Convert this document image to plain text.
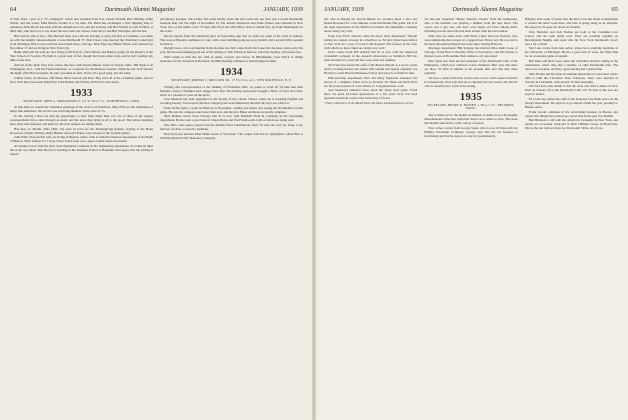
64	Dartmouth Alumni Magazine	JANUARY, 1939

in New York a part of a "37 contingent" which also included Paul Fox, Deeds Fernald, Bob Whiting, Whig Weber, and the writer. Miss Baird's brother is a '41 man. Mr. Buell has exchanged a first shipping ship to Arkansas. Dick Morris has been with the Ambitious Corn, and the Swinney and Bob Wilson as well as Huck. A third ring, who had a lot to say about the new team, the classes from Jerry's and Bill Van Dyke, arrived late.

Bill Carroll, who is also a fine Harvard man, was a bit late arriving. A wing, the first at Columbia, was taken up with the lengthy announcements of one Dartmouth '37, Bob Foster, who married the charming Cornell girl from Michigan. Bob is now with the Associated Press, Chicago. Dick Page and Helen Thoms were married on November 17 and are living in New York City.

Hank Allen and his wife are now living at 90 Fern St., New Haven, and Hank is going for his master's at the Yale School of Forestry. He finds it a great deal of fun, though he's been rather busy, and he isn't wasting any time on the side.

Arrived in the mail: Pete Foss writes that he's with Owens-Illinois Glass in Toledo, Ohio. Bill Ryan is in Washington, D.C., with the Federal Reserve, as a reporter for the Hanover Gazette. When he saw Jack Stewart the night of the Harvard game, he said, you must be nuts. You're all a good gang, just the same.

Johnny Stone, Al Dickson, Jeff Brink, Brad Gordon and Dave Hay were all at the Columbia game. Also in New York have been seen Ralph Ely, Fred Holmes, Bob Paine, Will Ferris and others.

1933
SECRETARY, JOHN A. MONAGHAN II, 111 W. Ninth St., NORTHFIELD, CONN.

At this time we extend the Christmas greetings of the class to all members. May 1939 see the realization of many fine ambitions. We are the sole surviving member of the class of '33.

In this writing I have not had the opportunity to hear from many men, but two or three of the regular correspondents have come through as usual, and the news they bring is all to the good. The winter meetings have been well attended, and plans for the next reunion are taking shape.

Bob Key, Jo Martin, Nina ('Bee' 33) were in town for the Thanksgiving holiday, staying at the Hotel Roosevelt. Charlie Nichols, Rudy Helmer and Gard Fisher were all seen at the football games.

John Pruitt ('34) and his wife are living in Boston, where John is with the financial department of the Bank of Boston. Their address is 17 Gray Street. Dan Foster was a guest at their home last month.

Al Schultz is now with the New York Telephone Company in the engineering department. Al writes he likes the work very much. Bob Brown is teaching at the Punahou School in Honolulu and reports that the surfing is superb.

and Money Sprague. The former had some mostly about the new team and one wise was a recent Dartmouth baseball man. On the night of November 25, Mr. Robert Dickerson and Ernie Ulman were married in New York. Two of the ushers were '37 men, Bob Ford and Will Tilley, both of whom flew up from Washington for the event.

Recent reports from the Southwest give an interesting sign that we shall see some of the class at reunion. The work at Phoenix continues at a rate, with a new building going up every month, and a second office opened in Tucson.

Dwight Laws, who was hunting in the Rockies last fall, writes from Salt Lake that the snow came early this year. He has been making good use of the holiday to visit friends in Denver, Colorado Springs, and points east.

Walt Clarke is with the law firm of Ames, Leavitt, and Storey in Philadelphia; Jack Welch is selling insurance for the Travelers in Hartford; and Bill Keating continues to build bridges in Ohio.

1934
SECRETARY, ROBERT J. DRUCKER JR., 17 Frontier Ave., NEW ROCHELLE, N. Y.

Writing this correspondence to the shaking of Christmas bells, we pause to wish all '34 men and their families a merry Christmas and a happy New Year. The holiday season has brought a flurry of notes and cards, and it is a pleasure to pass on the news.

Jack Shannon has been appointed to the faculty of the Choate School, where he is teaching English and coaching hockey. Jack reports that he is enjoying the work immensely and that the boys are a fine lot.

Ernie Noble spent a week in Hanover in November, visiting old haunts and seeing the Dartmouth–Cornell game. He says the campus looks better than ever, and the new Baker additions are nearly complete.

Dick Holmes writes from Chicago that he is now with Marshall Field & Company in the advertising department. He has seen a good deal of Chuck Burns and Fred Wadsworth, both of whom are doing well.

Pete Ellis, class agent, reports that the Alumni Fund contributions from '34 were the best yet. Keep it up, fellows; we have a record to maintain.

Bob Perry has married Miss Helen Grant of Worcester. The couple will live in Springfield, where Bob is with the Monarch Life Insurance Company.

JANUARY, 1939	Dartmouth Alumni Magazine	65

am, who is helping the Owens-Illinois Co. produce glass. I also saw Deane Howland for a few minutes at the Dartmouth-Yale game. He is in the legal department of the Hartford Accident and Indemnity Company and is doing very well.

From Jack Fitch, whereas came the above letter mentioned: "Myself having not caused a breeze in a month or so, Ed and I have been invited to New York for a year of work in the hospital. The fellows in the class with whom we have talked are doing very well."

Word comes from Bill Aldrich that he is now with the American Cyanamid Company in the research laboratories at Stamford. Bill has been married for a year and has a son, born last summer.

Sid Eaton has joined the staff of the Boston Herald as a sports writer and is covering hockey this winter. His column will appear regularly. Joe Hartley is at the Harvard Business School and expects to finish in June.

Pink-and-blue department: Bob and Mary Engstrom announce the arrival of a daughter, Ellen, born on October 30. Hank and Ruth Weld are the proud parents of a son, Henry Jr. Congratulations to all.

And Saturday's audience news about the Texas Tech game: Frank Rees, the great all-round quarterback of a few years back, has been appointed assistant coach at the University of Texas.

* Early, subscribers in the Alumni News, the above mentioned item is correct.

We had just requested "Music, Maestro, Please" from the bandleader, who at the moment was playing a number from the new show. The crowd was a gay one, and there were many old faces among them, including several men who had been absent from the last reunion.

Well, here are some notes with Harry Cutler and Lew Roberts, who were undergoing the ravages of a ragged fever. Harry says the new job is the most interesting thing he has done since leaving Hanover.

Marriage department: Bill Sprague has married Miss Ruth Crane of Chicago; Frank Hart to Dorothy Wells of Providence; and Jim Tucker to Marion Lowe of Brookline. Best wishes to all concerned.

Bart Spear has been elected president of the Dartmouth Club of the Philippines, which now numbers twelve members. Bart says that there are three '35 men in Manila at the present time and that they meet regularly.

We have a letter from Pete Leavitt who is now with General Electric in Schenectady. Pete says that he is enjoying the test course and that he will be transferred to Lynn in the spring.

1935
SECRETARY, HENRY R. BOWEN, 1 Horace St., BELMONT, MASS.

Just to make up for the month we missed, it seems to be a thoroughly miscellaneous collection with little choice as to where or how. The notes this month came from a wide variety of places.

First comes a letter from George Slade, who is now in Tulsa with the Phillips Petroleum Company. George says that the oil business is fascinating and that he expects to stay in it permanently.

Hungary next week. It seems that the Red Cross has made arrangements to extend the relief work there, and Dan is going along as an assistant. He expects to be gone for about six months.

Dick Sheridan and Jack Bodine are both at the Columbia Law School, and are both doing well. They are rooming together on Morningside Heights and report that the New York Dartmouth crowd sees a lot of them.

Ned Lane writes from Ann Arbor, where he is studying medicine at the University of Michigan. He has a great deal of work, but finds time for an occasional game of squash.

Phil Dana and Bob Carey spent the Christmas holidays skiing in the Laurentians, where they met a number of other Dartmouth men. The snow was excellent, and they report having had a grand time.

John Thorne and his bride are making their home in Cleveland, where John is with the Cleveland Trust Company. They were married in October in Cincinnati, with several '35 men attending.

Our best news this month is that the class will hold a dinner in New York on January 20 at the Dartmouth Club. All '35 men in the area are urged to attend.

Ed Crane has joined the staff of the National City Bank and is in the foreign department. He expects to go abroad within the year, possibly to Buenos Aires.

Frank Sewall continues in the advertising business in Boston and reports that things have picked up a good deal in the past few months.

Bud Hinman is still with the American Cyanamid in New York, and spends an occasional week-end in Dick O'Brien's house in Bronxville. This is the last item we have for this month. Write, all of you.
